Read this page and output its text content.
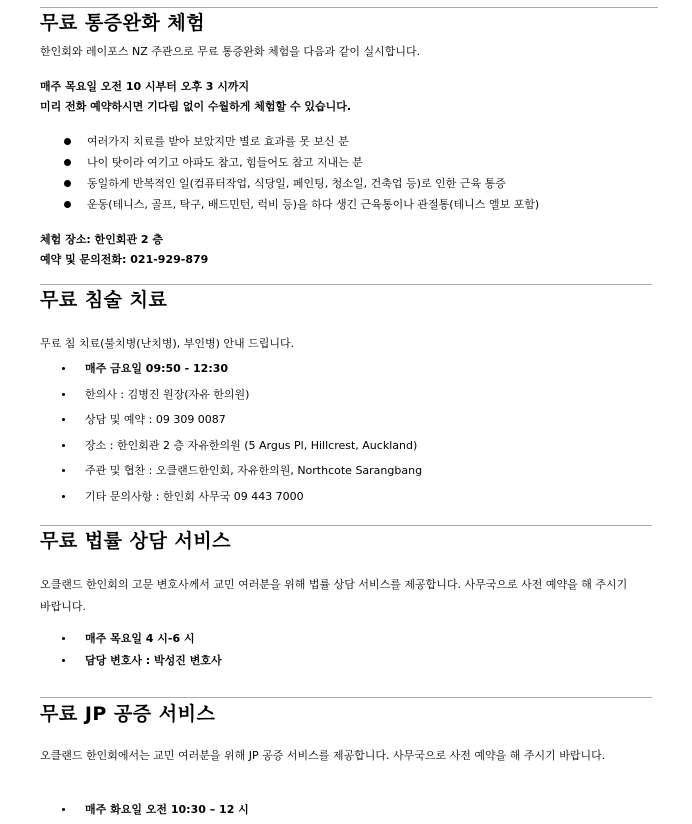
무료 통증완화 체험
한인회와 레이포스 NZ 주관으로 무료 통증완화 체험을 다음과 같이 실시합니다.
매주 목요일 오전 10 시부터 오후 3 시까지
미리 전화 예약하시면 기다림 없이 수월하게 체험할 수 있습니다.
여러가지 치료를 받아 보았지만 별로 효과를 못 보신 분
나이 탓이라 여기고 아파도 참고, 힘들어도 참고 지내는 분
동일하게 반복적인 일(컴퓨터작업, 식당일, 페인팅, 청소일, 건축업 등)로 인한 근육 통증
운동(테니스, 골프, 탁구, 배드민턴, 럭비 등)을 하다 생긴 근육통이나 관절통(테니스 엘보 포함)
체험 장소: 한인회관 2 층
예약 및 문의전화: 021-929-879
무료 침술 치료
무료 침 치료(불치병(난치병), 부인병) 안내 드립니다.
매주 금요일 09:50 - 12:30
한의사 : 김병진 원장(자유 한의원)
상담 및 예약 : 09 309 0087
장소 : 한인회관 2 층 자유한의원 (5 Argus Pl, Hillcrest, Auckland)
주관 및 협찬 : 오클랜드한인회, 자유한의원, Northcote Sarangbang
기타 문의사항 : 한인회 사무국 09 443 7000
무료 법률 상담 서비스
오클랜드 한인회의 고문 변호사께서 교민 여러분을 위해 법률 상담 서비스를 제공합니다. 사무국으로 사전 예약을 해 주시기 바랍니다.
매주 목요일 4 시-6 시
담당 변호사 : 박성진 변호사
무료 JP 공증 서비스
오클랜드 한인회에서는 교민 여러분을 위해 JP 공증 서비스를 제공합니다. 사무국으로 사전 예약을 해 주시기 바랍니다.
매주 화요일 오전 10:30 – 12 시
